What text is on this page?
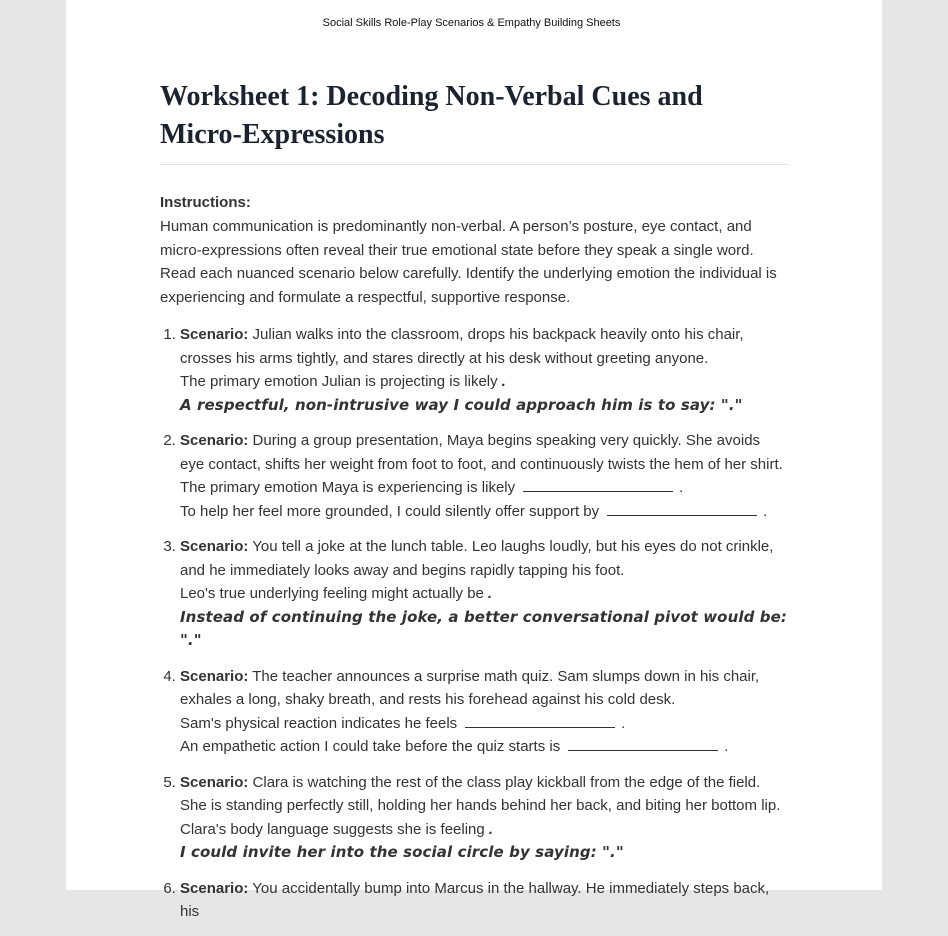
Worksheet 1: Decoding Non-Verbal Cues and Micro-Expressions
Instructions:

Human communication is predominantly non-verbal. A person’s posture, eye contact, and micro-expressions often reveal their true emotional state before they speak a single word. Read each nuanced scenario below carefully. Identify the underlying emotion the individual is experiencing and formulate a respectful, supportive response.

1. Scenario: Julian walks into the classroom, drops his backpack heavily onto his chair, crosses his arms tightly, and stares directly at his desk without greeting anyone.
The primary emotion Julian is projecting is likely .
A respectful, non-intrusive way I could approach him is to say: "."
2. Scenario: During a group presentation, Maya begins speaking very quickly. She avoids eye contact, shifts her weight from foot to foot, and continuously twists the hem of her shirt.
The primary emotion Maya is experiencing is likely	.
To help her feel more grounded, I could silently offer support by	.
3. Scenario: You tell a joke at the lunch table. Leo laughs loudly, but his eyes do not crinkle, and he immediately looks away and begins rapidly tapping his foot.
Leo's true underlying feeling might actually be .
Instead of continuing the joke, a better conversational pivot would be: "."
4. Scenario: The teacher announces a surprise math quiz. Sam slumps down in his chair, exhales a long, shaky breath, and rests his forehead against his cold desk.
Sam's physical reaction indicates he feels	.
An empathetic action I could take before the quiz starts is	.
5. Scenario: Clara is watching the rest of the class play kickball from the edge of the field. She is standing perfectly still, holding her hands behind her back, and biting her bottom lip.
Clara's body language suggests she is feeling .
I could invite her into the social circle by saying: "."
6. Scenario: You accidentally bump into Marcus in the hallway. He immediately steps back, his
Social Skills Role-Play Scenarios & Empathy Building Sheets
